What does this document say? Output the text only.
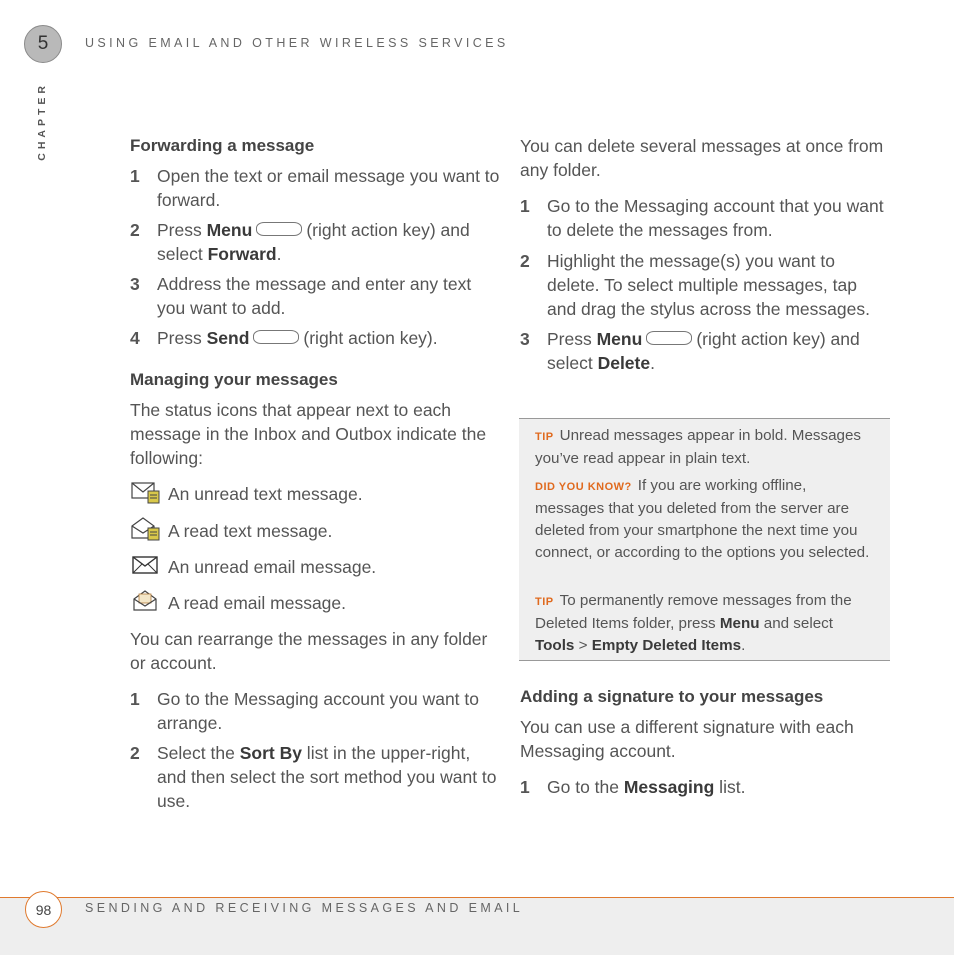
5	USING EMAIL AND OTHER WIRELESS SERVICES
CHAPTER	Forwarding a message
1 Open the text or email message you want to forward.
2 Press Menu	(right action key) and select Forward.
3 Address the message and enter any text you want to add.
4 Press Send	(right action key).
Managing your messages

The status icons that appear next to each message in the Inbox and Outbox indicate the following:

An unread text message.
A read text message.
An unread email message.
A read email message.

You can rearrange the messages in any folder or account.

1 Go to the Messaging account you want to arrange.
2 Select the Sort By list in the upper-right, and then select the sort method you want to use.

You can delete several messages at once from any folder.

1 Go to the Messaging account that you want to delete the messages from.
2 Highlight the message(s) you want to delete. To select multiple messages, tap and drag the stylus across the messages.
3 Press Menu	(right action key) and select Delete.
TIP Unread messages appear in bold. Messages you’ve read appear in plain text.
DID YOU KNOW? If you are working offline, messages that you deleted from the server are deleted from your smartphone the next time you connect, or according to the options you selected.
TIP To permanently remove messages from the Deleted Items folder, press Menu and select Tools > Empty Deleted Items.
Adding a signature to your messages

You can use a different signature with each Messaging account.

1 Go to the Messaging list.
98	SENDING AND RECEIVING MESSAGES AND EMAIL
